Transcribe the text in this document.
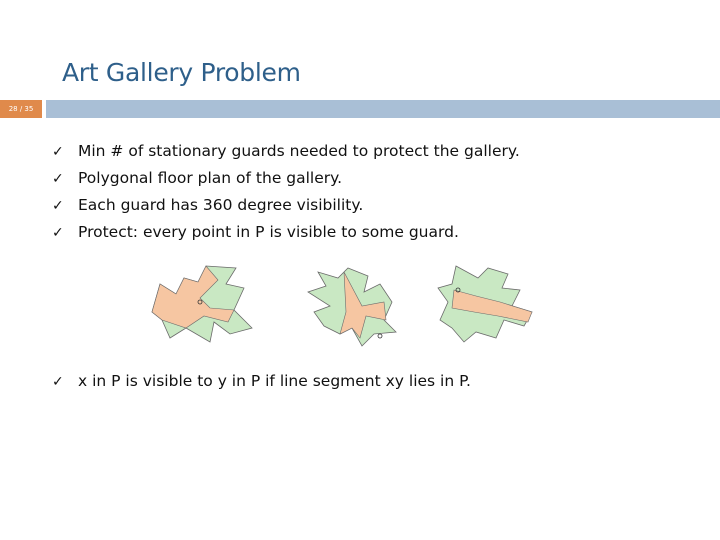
Art Gallery Problem
28 / 35
✓ Min # of stationary guards needed to protect the gallery.
✓ Polygonal floor plan of the gallery.
✓ Each guard has 360 degree visibility.
✓ Protect: every point in P is visible to some guard.
✓ x in P is visible to y in P if line segment xy lies in P.
